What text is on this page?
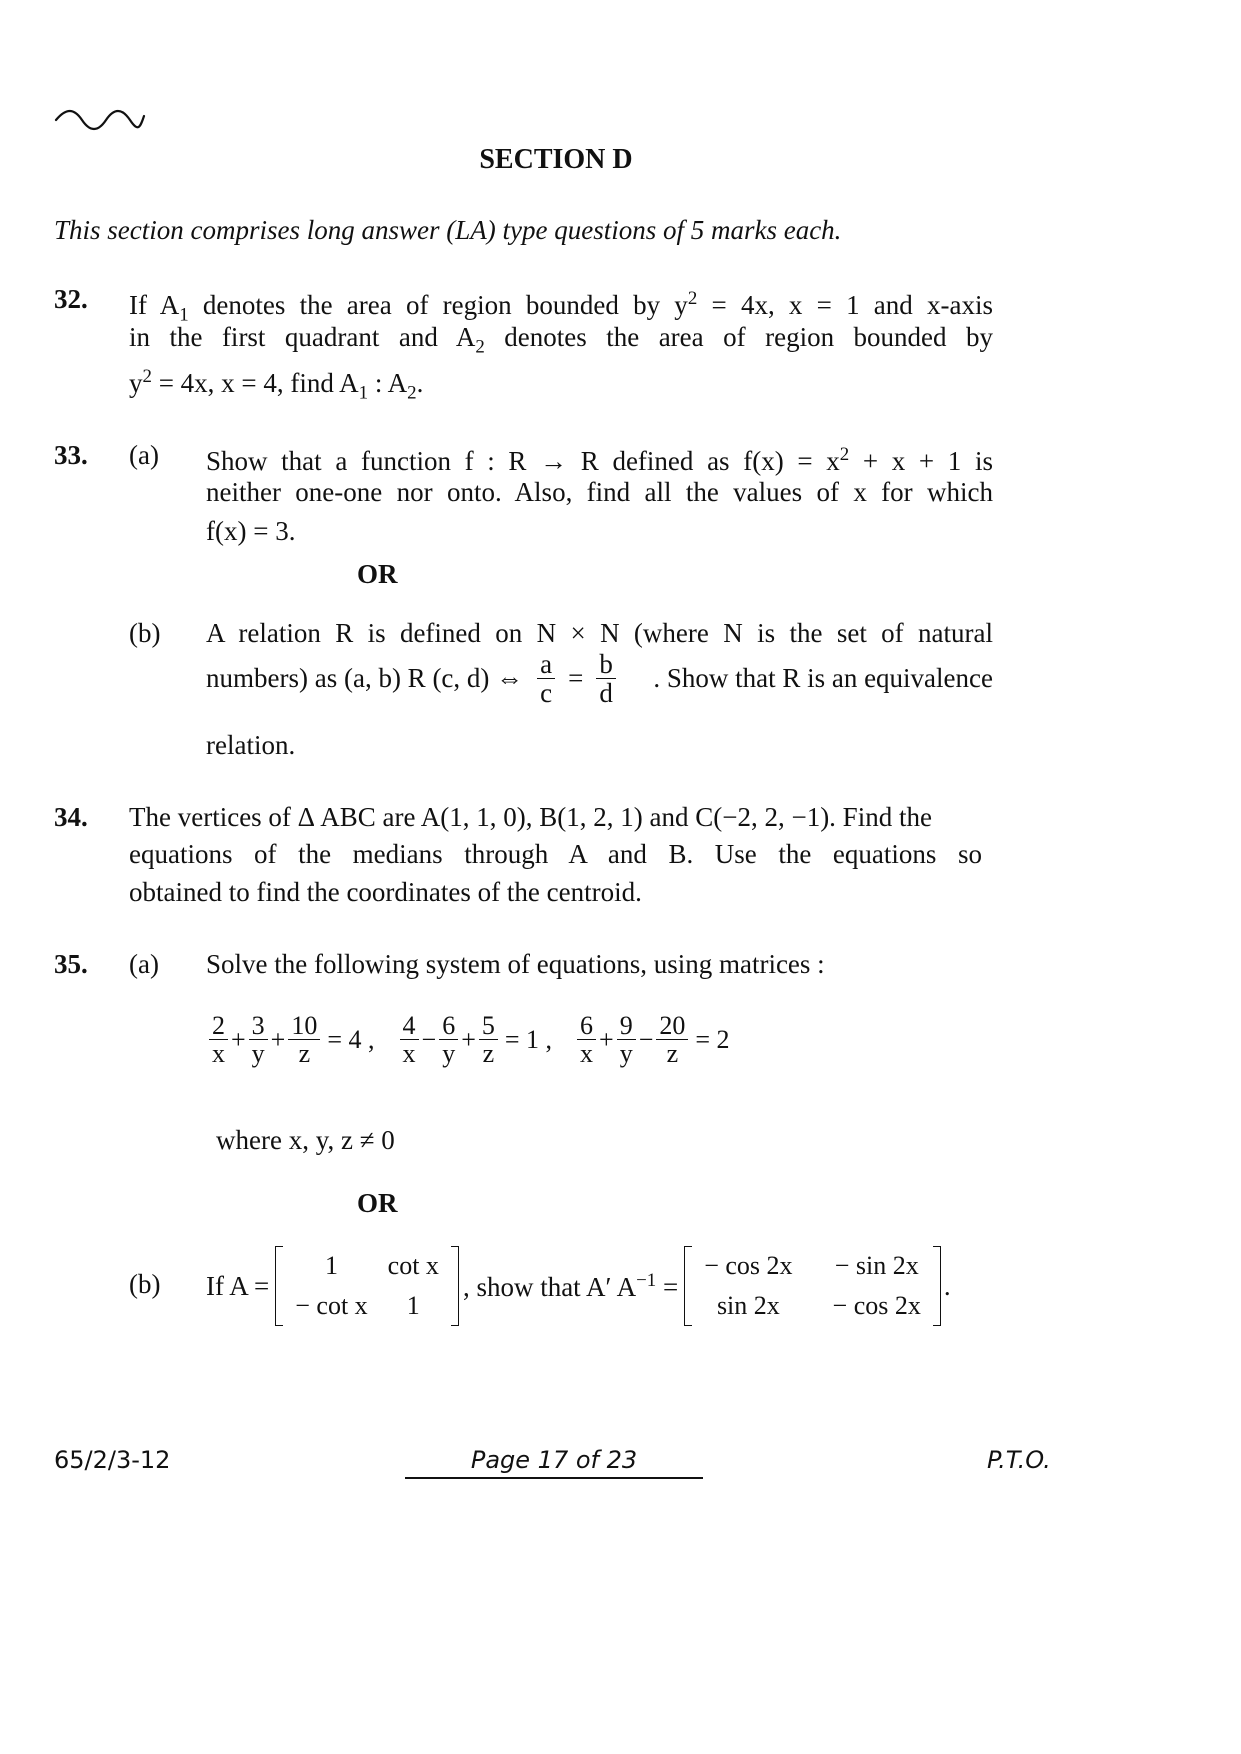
SECTION D
This section comprises long answer (LA) type questions of 5 marks each.
32. If $A_1$ denotes the area of region bounded by $y^2 = 4x$, x = 1 and x-axis
in the first quadrant and $A_2$ denotes the area of region bounded by
$y^2 = 4x$, x = 4, find $A_1$ : $A_2$.
33. (a) Show that a function f : R → R defined as $f(x) = x^2 + x + 1$ is
neither one-one nor onto. Also, find all the values of x for which
f(x) = 3.
OR
(b) A relation R is defined on N × N (where N is the set of natural
numbers) as (a, b) R (c, d) ⇔ $\frac{a}{c} = \frac{b}{d}$ . Show that R is an equivalence
relation.
34. The vertices of Δ ABC are A(1, 1, 0), B(1, 2, 1) and C(−2, 2, −1). Find the
equations of the medians through A and B. Use the equations so
obtained to find the coordinates of the centroid.
35. (a) Solve the following system of equations, using matrices :
$\frac{2}{x} + \frac{3}{y} + \frac{10}{z} = 4$ , $\frac{4}{x} - \frac{6}{y} + \frac{5}{z} = 1$ , $\frac{6}{x} + \frac{9}{y} - \frac{20}{z} = 2$
where x, y, z ≠ 0
OR
(b) If A =
1	cot x
− cot x	1
, show that A′ $A^{-1}$ =
− cos 2x	− sin 2x
sin 2x	− cos 2x
.
65/2/3-12	Page 17 of 23	P.T.O.
